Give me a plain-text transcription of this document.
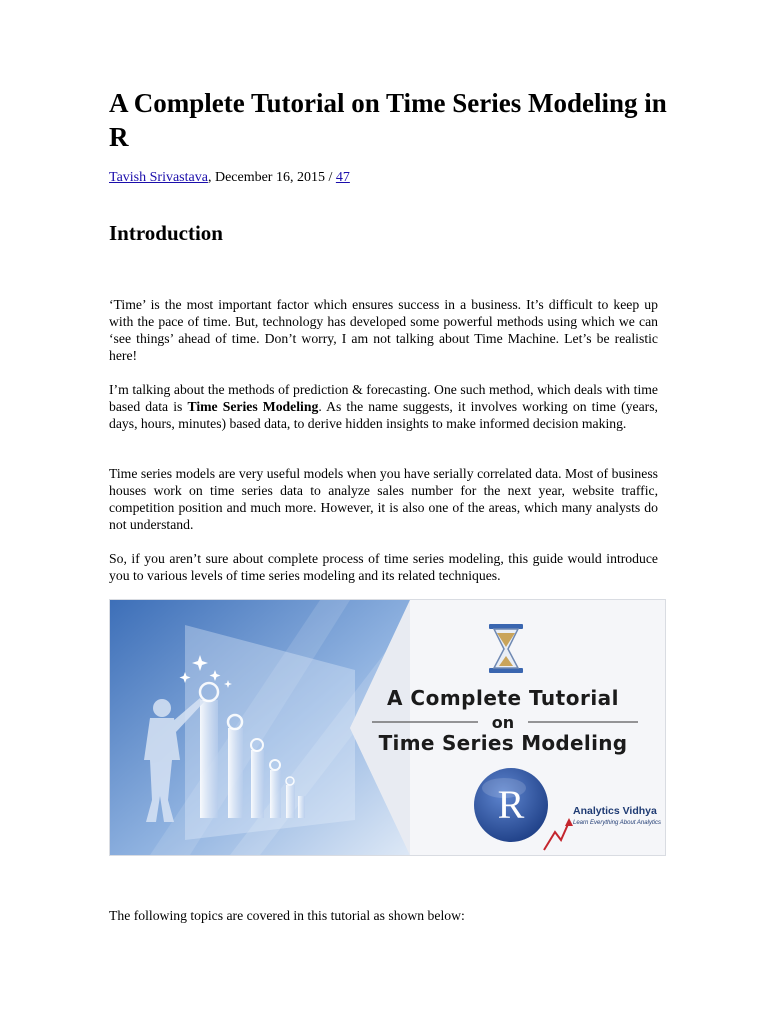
A Complete Tutorial on Time Series Modeling in R
Tavish Srivastava, December 16, 2015 / 47
Introduction

‘Time’ is the most important factor which ensures success in a business. It’s difficult to keep up with the pace of time. But, technology has developed some powerful methods using which we can ‘see things’ ahead of time. Don’t worry, I am not talking about Time Machine. Let’s be realistic here!

I’m talking about the methods of prediction & forecasting. One such method, which deals with time based data is Time Series Modeling. As the name suggests, it involves working on time (years, days, hours, minutes) based data, to derive hidden insights to make informed decision making.

Time series models are very useful models when you have serially correlated data. Most of business houses work on time series data to analyze sales number for the next year, website traffic, competition position and much more. However, it is also one of the areas, which many analysts do not understand.

So, if you aren’t sure about complete process of time series modeling, this guide would introduce you to various levels of time series modeling and its related techniques.

A Complete Tutorial
on
Time Series Modeling
R	Analytics Vidhya
Learn Everything About Analytics

The following topics are covered in this tutorial as shown below:
